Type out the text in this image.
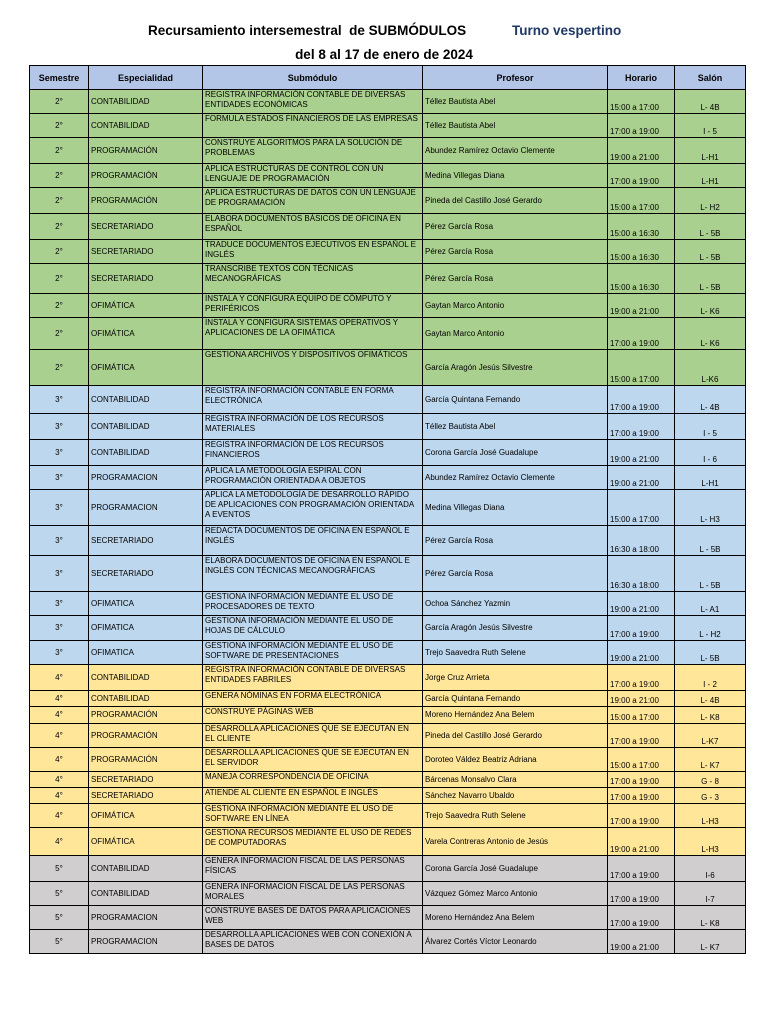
Recursamiento intersemestral  de SUBMÓDULOS	Turno vespertino
del 8 al 17 de enero de 2024
Semestre	Especialidad	Submódulo	Profesor	Horario	Salón
2°	CONTABILIDAD	REGISTRA INFORMACIÓN CONTABLE DE DIVERSAS ENTIDADES ECONÓMICAS	Téllez Bautista Abel	15:00 a 17:00	L- 4B
2°	CONTABILIDAD	FORMULA ESTADOS FINANCIEROS DE LAS EMPRESAS	Téllez Bautista Abel	17:00 a 19:00	I - 5
2°	PROGRAMACIÓN	CONSTRUYE ALGORITMOS PARA LA SOLUCIÓN DE PROBLEMAS	Abundez Ramírez Octavio Clemente	19:00 a 21:00	L-H1
2°	PROGRAMACIÓN	APLICA ESTRUCTURAS DE CONTROL CON UN LENGUAJE DE PROGRAMACIÓN	Medina Villegas Diana	17:00 a 19:00	L-H1
2°	PROGRAMACIÓN	APLICA ESTRUCTURAS DE DATOS CON UN LENGUAJE DE PROGRAMACIÓN	Pineda del Castillo José Gerardo	15:00 a 17:00	L- H2
2°	SECRETARIADO	ELABORA DOCUMENTOS BÁSICOS DE OFICINA EN ESPAÑOL	Pérez García Rosa	15:00 a 16:30	L - 5B
2°	SECRETARIADO	TRADUCE DOCUMENTOS EJECUTIVOS EN ESPAÑOL E INGLÉS	Pérez García Rosa	15:00 a 16:30	L - 5B
2°	SECRETARIADO	TRANSCRIBE TEXTOS CON TÉCNICAS MECANOGRÁFICAS	Pérez García Rosa	15:00 a 16:30	L - 5B
2°	OFIMÁTICA	INSTALA Y CONFIGURA EQUIPO DE CÓMPUTO Y PERIFÉRICOS	Gaytan Marco Antonio	19:00 a 21:00	L- K6
2°	OFIMÁTICA	INSTALA Y CONFIGURA SISTEMAS OPERATIVOS Y APLICACIONES DE LA OFIMÁTICA	Gaytan Marco Antonio	17:00 a 19:00	L- K6
2°	OFIMÁTICA	GESTIONA ARCHIVOS Y DISPOSITIVOS OFIMÁTICOS	García Aragón Jesús Silvestre	15:00 a 17:00	L-K6
3°	CONTABILIDAD	REGISTRA INFORMACIÓN CONTABLE EN FORMA ELECTRÓNICA	García Quintana Fernando	17:00 a 19:00	L- 4B
3°	CONTABILIDAD	REGISTRA INFORMACIÓN DE LOS RECURSOS MATERIALES	Téllez Bautista Abel	17:00 a 19:00	I - 5
3°	CONTABILIDAD	REGISTRA INFORMACIÓN DE LOS RECURSOS FINANCIEROS	Corona García José Guadalupe	19:00 a 21:00	I - 6
3°	PROGRAMACION	APLICA LA METODOLOGÍA ESPIRAL CON PROGRAMACIÓN ORIENTADA A OBJETOS	Abundez Ramírez Octavio Clemente	19:00 a 21:00	L-H1
3°	PROGRAMACION	APLICA LA METODOLOGÍA DE DESARROLLO RÁPIDO DE APLICACIONES CON PROGRAMACIÓN ORIENTADA A EVENTOS	Medina Villegas Diana	15:00 a 17:00	L- H3
3°	SECRETARIADO	REDACTA DOCUMENTOS DE OFICINA EN ESPAÑOL E INGLÉS	Pérez García Rosa	16:30 a 18:00	L - 5B
3°	SECRETARIADO	ELABORA DOCUMENTOS DE OFICINA EN ESPAÑOL E INGLÉS CON TÉCNICAS MECANOGRÁFICAS	Pérez García Rosa	16:30 a 18:00	L - 5B
3°	OFIMATICA	GESTIONA INFORMACIÓN MEDIANTE EL USO DE PROCESADORES DE TEXTO	Ochoa Sánchez Yazmin	19:00 a 21:00	L- A1
3°	OFIMATICA	GESTIONA INFORMACIÓN MEDIANTE EL USO DE HOJAS DE CÁLCULO	García Aragón Jesús Silvestre	17:00 a 19:00	L - H2
3°	OFIMATICA	GESTIONA INFORMACIÓN MEDIANTE EL USO DE SOFTWARE DE PRESENTACIONES	Trejo Saavedra Ruth Selene	19:00 a 21:00	L- 5B
4°	CONTABILIDAD	REGISTRA INFORMACIÓN CONTABLE DE DIVERSAS ENTIDADES FABRILES	Jorge Cruz Arrieta	17:00 a 19:00	I - 2
4°	CONTABILIDAD	GENERA NÓMINAS EN FORMA ELECTRÓNICA	García Quintana Fernando	19:00 a 21:00	L- 4B
4°	PROGRAMACIÓN	CONSTRUYE PÁGINAS WEB	Moreno Hernández Ana Belem	15:00 a 17:00	L- K8
4°	PROGRAMACIÓN	DESARROLLA APLICACIONES QUE SE EJECUTAN EN EL CLIENTE	Pineda del Castillo José Gerardo	17:00 a 19:00	L-K7
4°	PROGRAMACIÓN	DESARROLLA APLICACIONES QUE SE EJECUTAN EN EL SERVIDOR	Doroteo Váldez Beatriz Adriana	15:00 a 17:00	L- K7
4°	SECRETARIADO	MANEJA CORRESPONDENCIA DE OFICINA	Bárcenas Monsalvo Clara	17:00 a 19:00	G - 8
4°	SECRETARIADO	ATIENDE AL CLIENTE EN ESPAÑOL E INGLÉS	Sánchez Navarro Ubaldo	17:00 a 19:00	G - 3
4°	OFIMÁTICA	GESTIONA INFORMACIÓN MEDIANTE EL USO DE SOFTWARE EN LÍNEA	Trejo Saavedra Ruth Selene	17:00 a 19:00	L-H3
4°	OFIMÁTICA	GESTIONA RECURSOS MEDIANTE EL USO DE REDES DE COMPUTADORAS	Varela Contreras Antonio de Jesús	19:00 a 21:00	L-H3
5°	CONTABILIDAD	GENERA INFORMACION FISCAL DE LAS PERSONAS FÍSICAS	Corona García José Guadalupe	17:00 a 19:00	I-6
5°	CONTABILIDAD	GENERA INFORMACION FISCAL DE LAS PERSONAS MORALES	Vázquez Gómez Marco Antonio	17:00 a 19:00	I-7
5°	PROGRAMACION	CONSTRUYE BASES DE DATOS PARA APLICACIONES WEB	Moreno Hernández Ana Belem	17:00 a 19:00	L- K8
5°	PROGRAMACION	DESARROLLA APLICACIONES WEB CON CONEXIÓN A BASES DE DATOS	Álvarez Cortés Víctor Leonardo	19:00 a 21:00	L- K7
